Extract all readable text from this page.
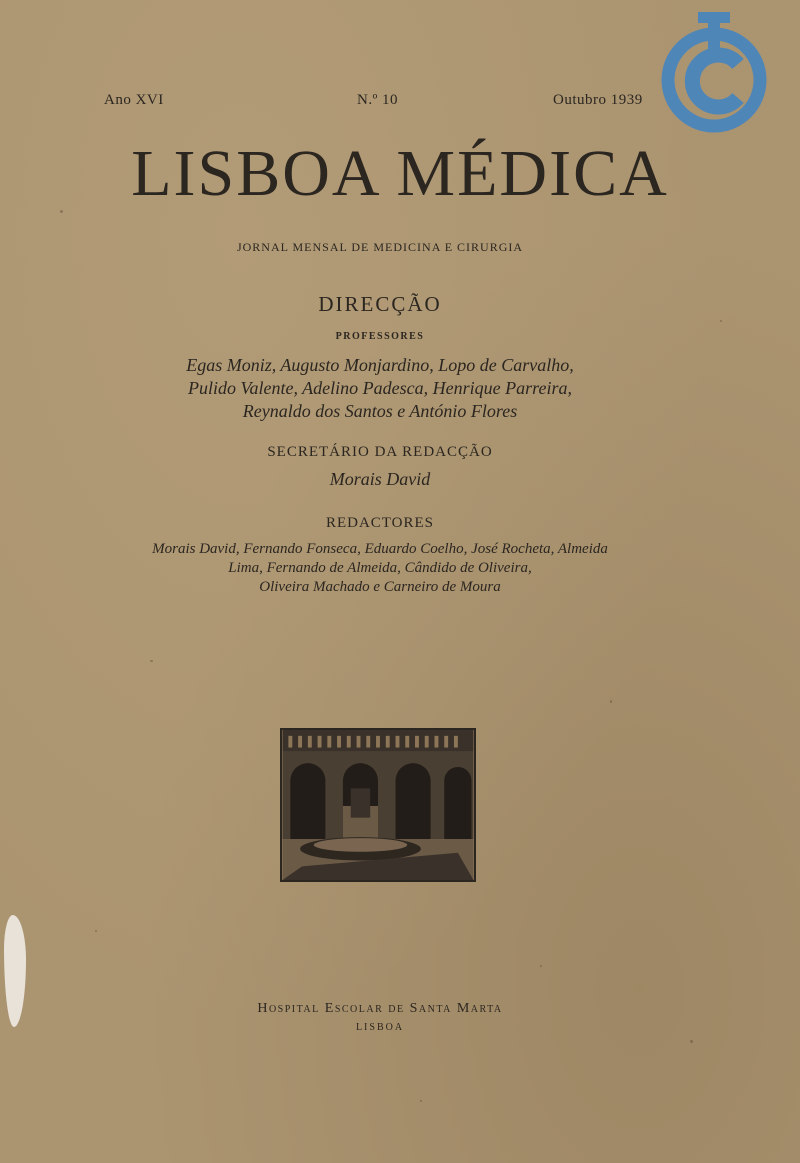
Ano XVI	N.º 10	Outubro 1939
LISBOA MÉDICA
JORNAL MENSAL DE MEDICINA E CIRURGIA
DIRECÇÃO
PROFESSORES
Egas Moniz, Augusto Monjardino, Lopo de Carvalho,
Pulido Valente, Adelino Padesca, Henrique Parreira,
Reynaldo dos Santos e António Flores
SECRETÁRIO DA REDACÇÃO
Morais David
REDACTORES
Morais David, Fernando Fonseca, Eduardo Coelho, José Rocheta, Almeida
Lima, Fernando de Almeida, Cândido de Oliveira,
Oliveira Machado e Carneiro de Moura
Hospital Escolar de Santa Marta
LISBOA
